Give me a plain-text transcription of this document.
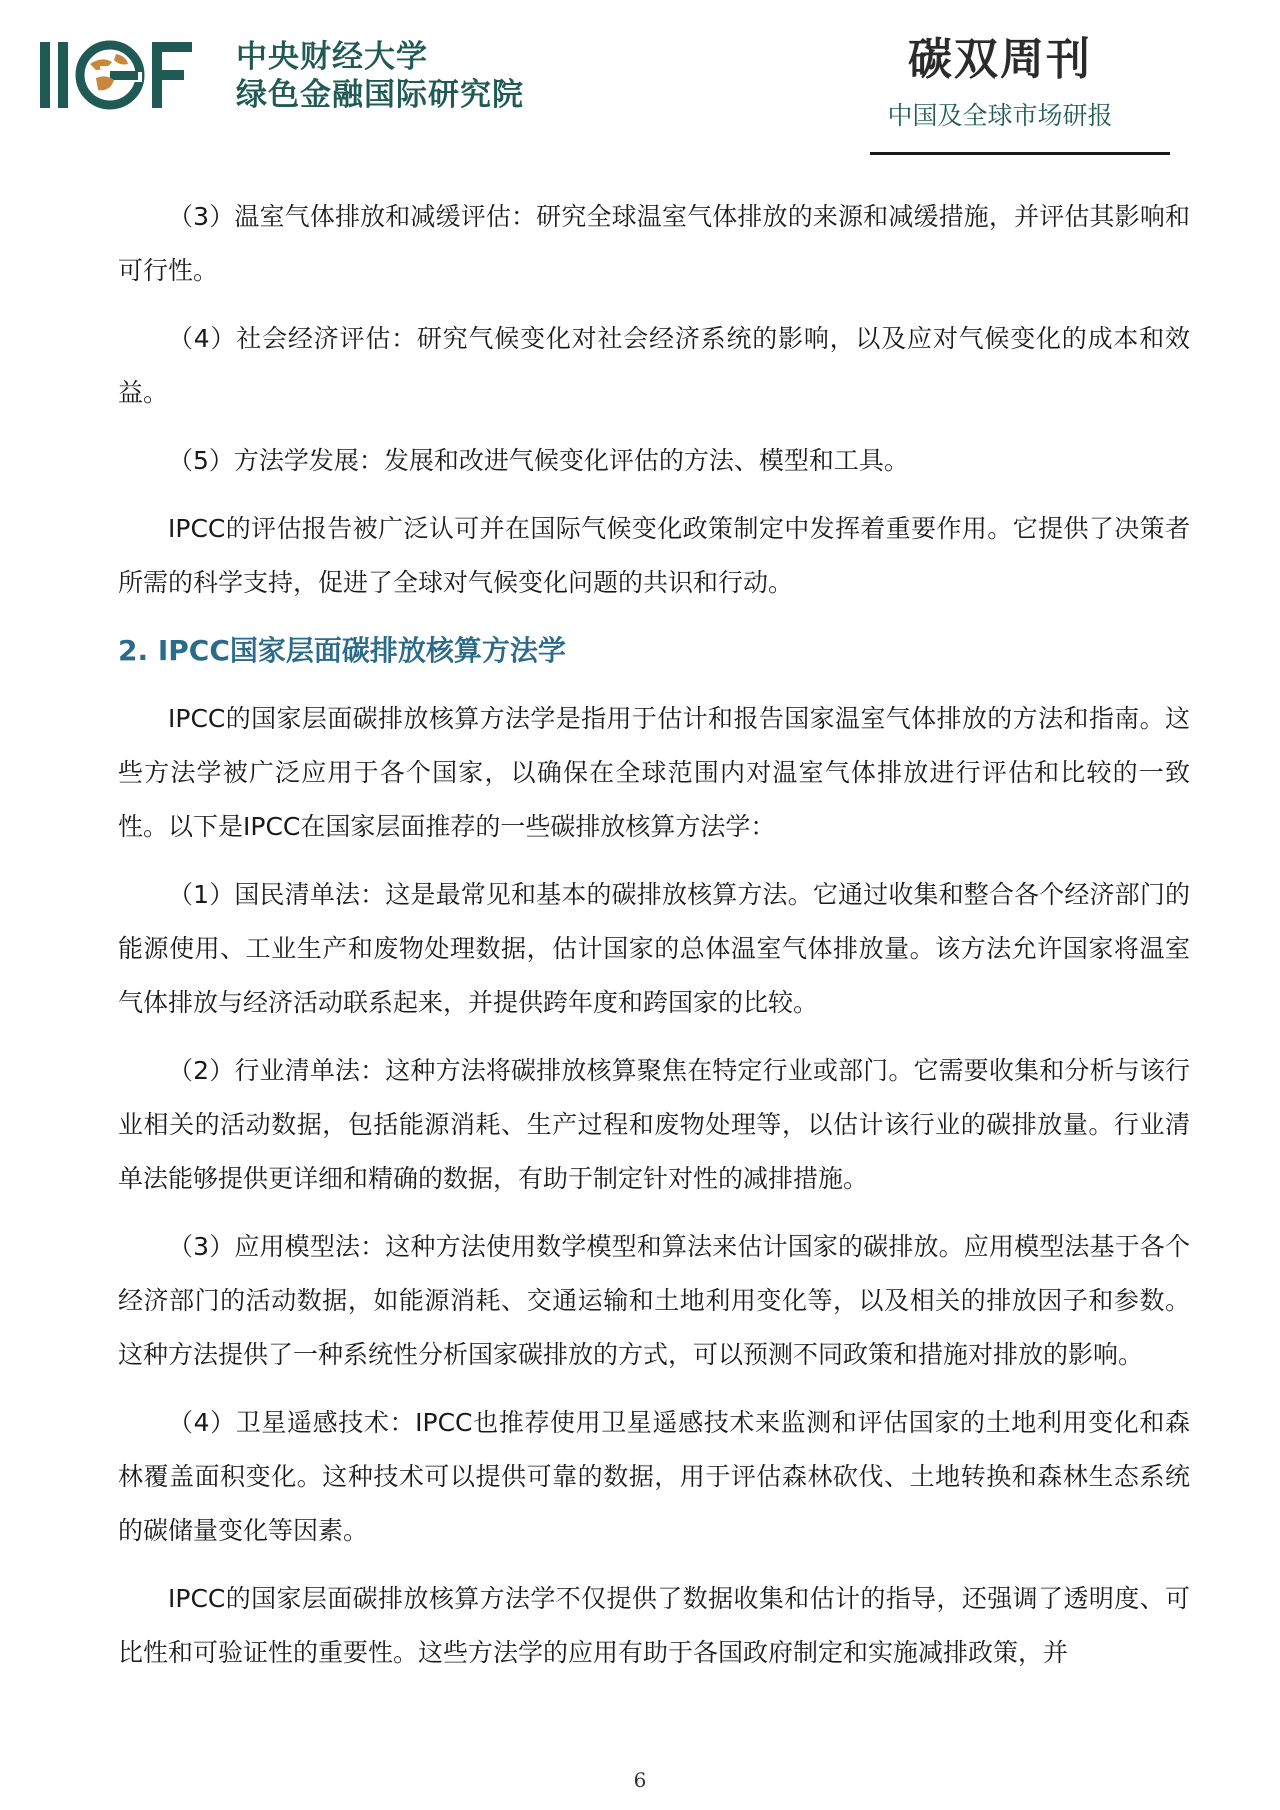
中央财经大学
绿色金融国际研究院
碳双周刊
中国及全球市场研报

（3）温室气体排放和减缓评估：研究全球温室气体排放的来源和减缓措施，并评估其影响和可行性。

（4）社会经济评估：研究气候变化对社会经济系统的影响，以及应对气候变化的成本和效益。

（5）方法学发展：发展和改进气候变化评估的方法、模型和工具。

IPCC的评估报告被广泛认可并在国际气候变化政策制定中发挥着重要作用。它提供了决策者所需的科学支持，促进了全球对气候变化问题的共识和行动。

2. IPCC国家层面碳排放核算方法学

IPCC的国家层面碳排放核算方法学是指用于估计和报告国家温室气体排放的方法和指南。这些方法学被广泛应用于各个国家，以确保在全球范围内对温室气体排放进行评估和比较的一致性。以下是IPCC在国家层面推荐的一些碳排放核算方法学：

（1）国民清单法：这是最常见和基本的碳排放核算方法。它通过收集和整合各个经济部门的能源使用、工业生产和废物处理数据，估计国家的总体温室气体排放量。该方法允许国家将温室气体排放与经济活动联系起来，并提供跨年度和跨国家的比较。

（2）行业清单法：这种方法将碳排放核算聚焦在特定行业或部门。它需要收集和分析与该行业相关的活动数据，包括能源消耗、生产过程和废物处理等，以估计该行业的碳排放量。行业清单法能够提供更详细和精确的数据，有助于制定针对性的减排措施。

（3）应用模型法：这种方法使用数学模型和算法来估计国家的碳排放。应用模型法基于各个经济部门的活动数据，如能源消耗、交通运输和土地利用变化等，以及相关的排放因子和参数。这种方法提供了一种系统性分析国家碳排放的方式，可以预测不同政策和措施对排放的影响。

（4）卫星遥感技术：IPCC也推荐使用卫星遥感技术来监测和评估国家的土地利用变化和森林覆盖面积变化。这种技术可以提供可靠的数据，用于评估森林砍伐、土地转换和森林生态系统的碳储量变化等因素。

IPCC的国家层面碳排放核算方法学不仅提供了数据收集和估计的指导，还强调了透明度、可比性和可验证性的重要性。这些方法学的应用有助于各国政府制定和实施减排政策，并

6
